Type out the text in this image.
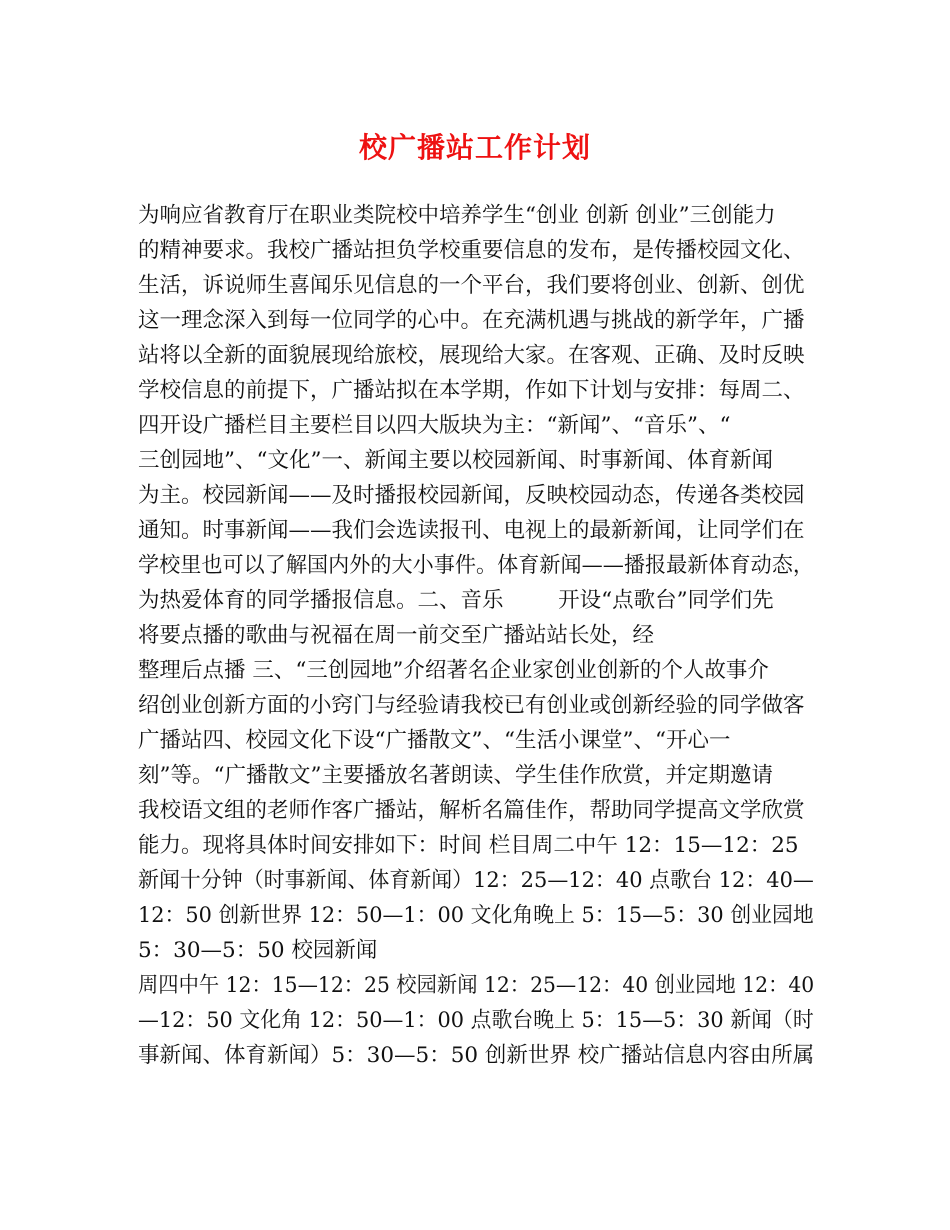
校广播站工作计划
为响应省教育厅在职业类院校中培养学生“创业 创新 创业”三创能力
的精神要求。我校广播站担负学校重要信息的发布，是传播校园文化、
生活，诉说师生喜闻乐见信息的一个平台，我们要将创业、创新、创优
这一理念深入到每一位同学的心中。在充满机遇与挑战的新学年，广播
站将以全新的面貌展现给旅校，展现给大家。在客观、正确、及时反映
学校信息的前提下，广播站拟在本学期，作如下计划与安排：每周二、
四开设广播栏目主要栏目以四大版块为主：“新闻”、“音乐”、“
三创园地”、“文化”一、新闻主要以校园新闻、时事新闻、体育新闻
为主。校园新闻——及时播报校园新闻，反映校园动态，传递各类校园
通知。时事新闻——我们会选读报刊、电视上的最新新闻，让同学们在
学校里也可以了解国内外的大小事件。体育新闻——播报最新体育动态，
为热爱体育的同学播报信息。二、音乐        开设“点歌台”同学们先
将要点播的歌曲与祝福在周一前交至广播站站长处，经
整理后点播 三、“三创园地”介绍著名企业家创业创新的个人故事介
绍创业创新方面的小窍门与经验请我校已有创业或创新经验的同学做客
广播站四、校园文化下设“广播散文”、“生活小课堂”、“开心一
刻”等。“广播散文”主要播放名著朗读、学生佳作欣赏，并定期邀请
我校语文组的老师作客广播站，解析名篇佳作，帮助同学提高文学欣赏
能力。现将具体时间安排如下：时间 栏目周二中午 12：15—12：25
新闻十分钟（时事新闻、体育新闻）12：25—12：40 点歌台 12：40—
12：50 创新世界 12：50—1：00 文化角晚上 5：15—5：30 创业园地
5：30—5：50 校园新闻
周四中午 12：15—12：25 校园新闻 12：25—12：40 创业园地 12：40
—12：50 文化角 12：50—1：00 点歌台晚上 5：15—5：30 新闻（时
事新闻、体育新闻）5：30—5：50 创新世界 校广播站信息内容由所属
